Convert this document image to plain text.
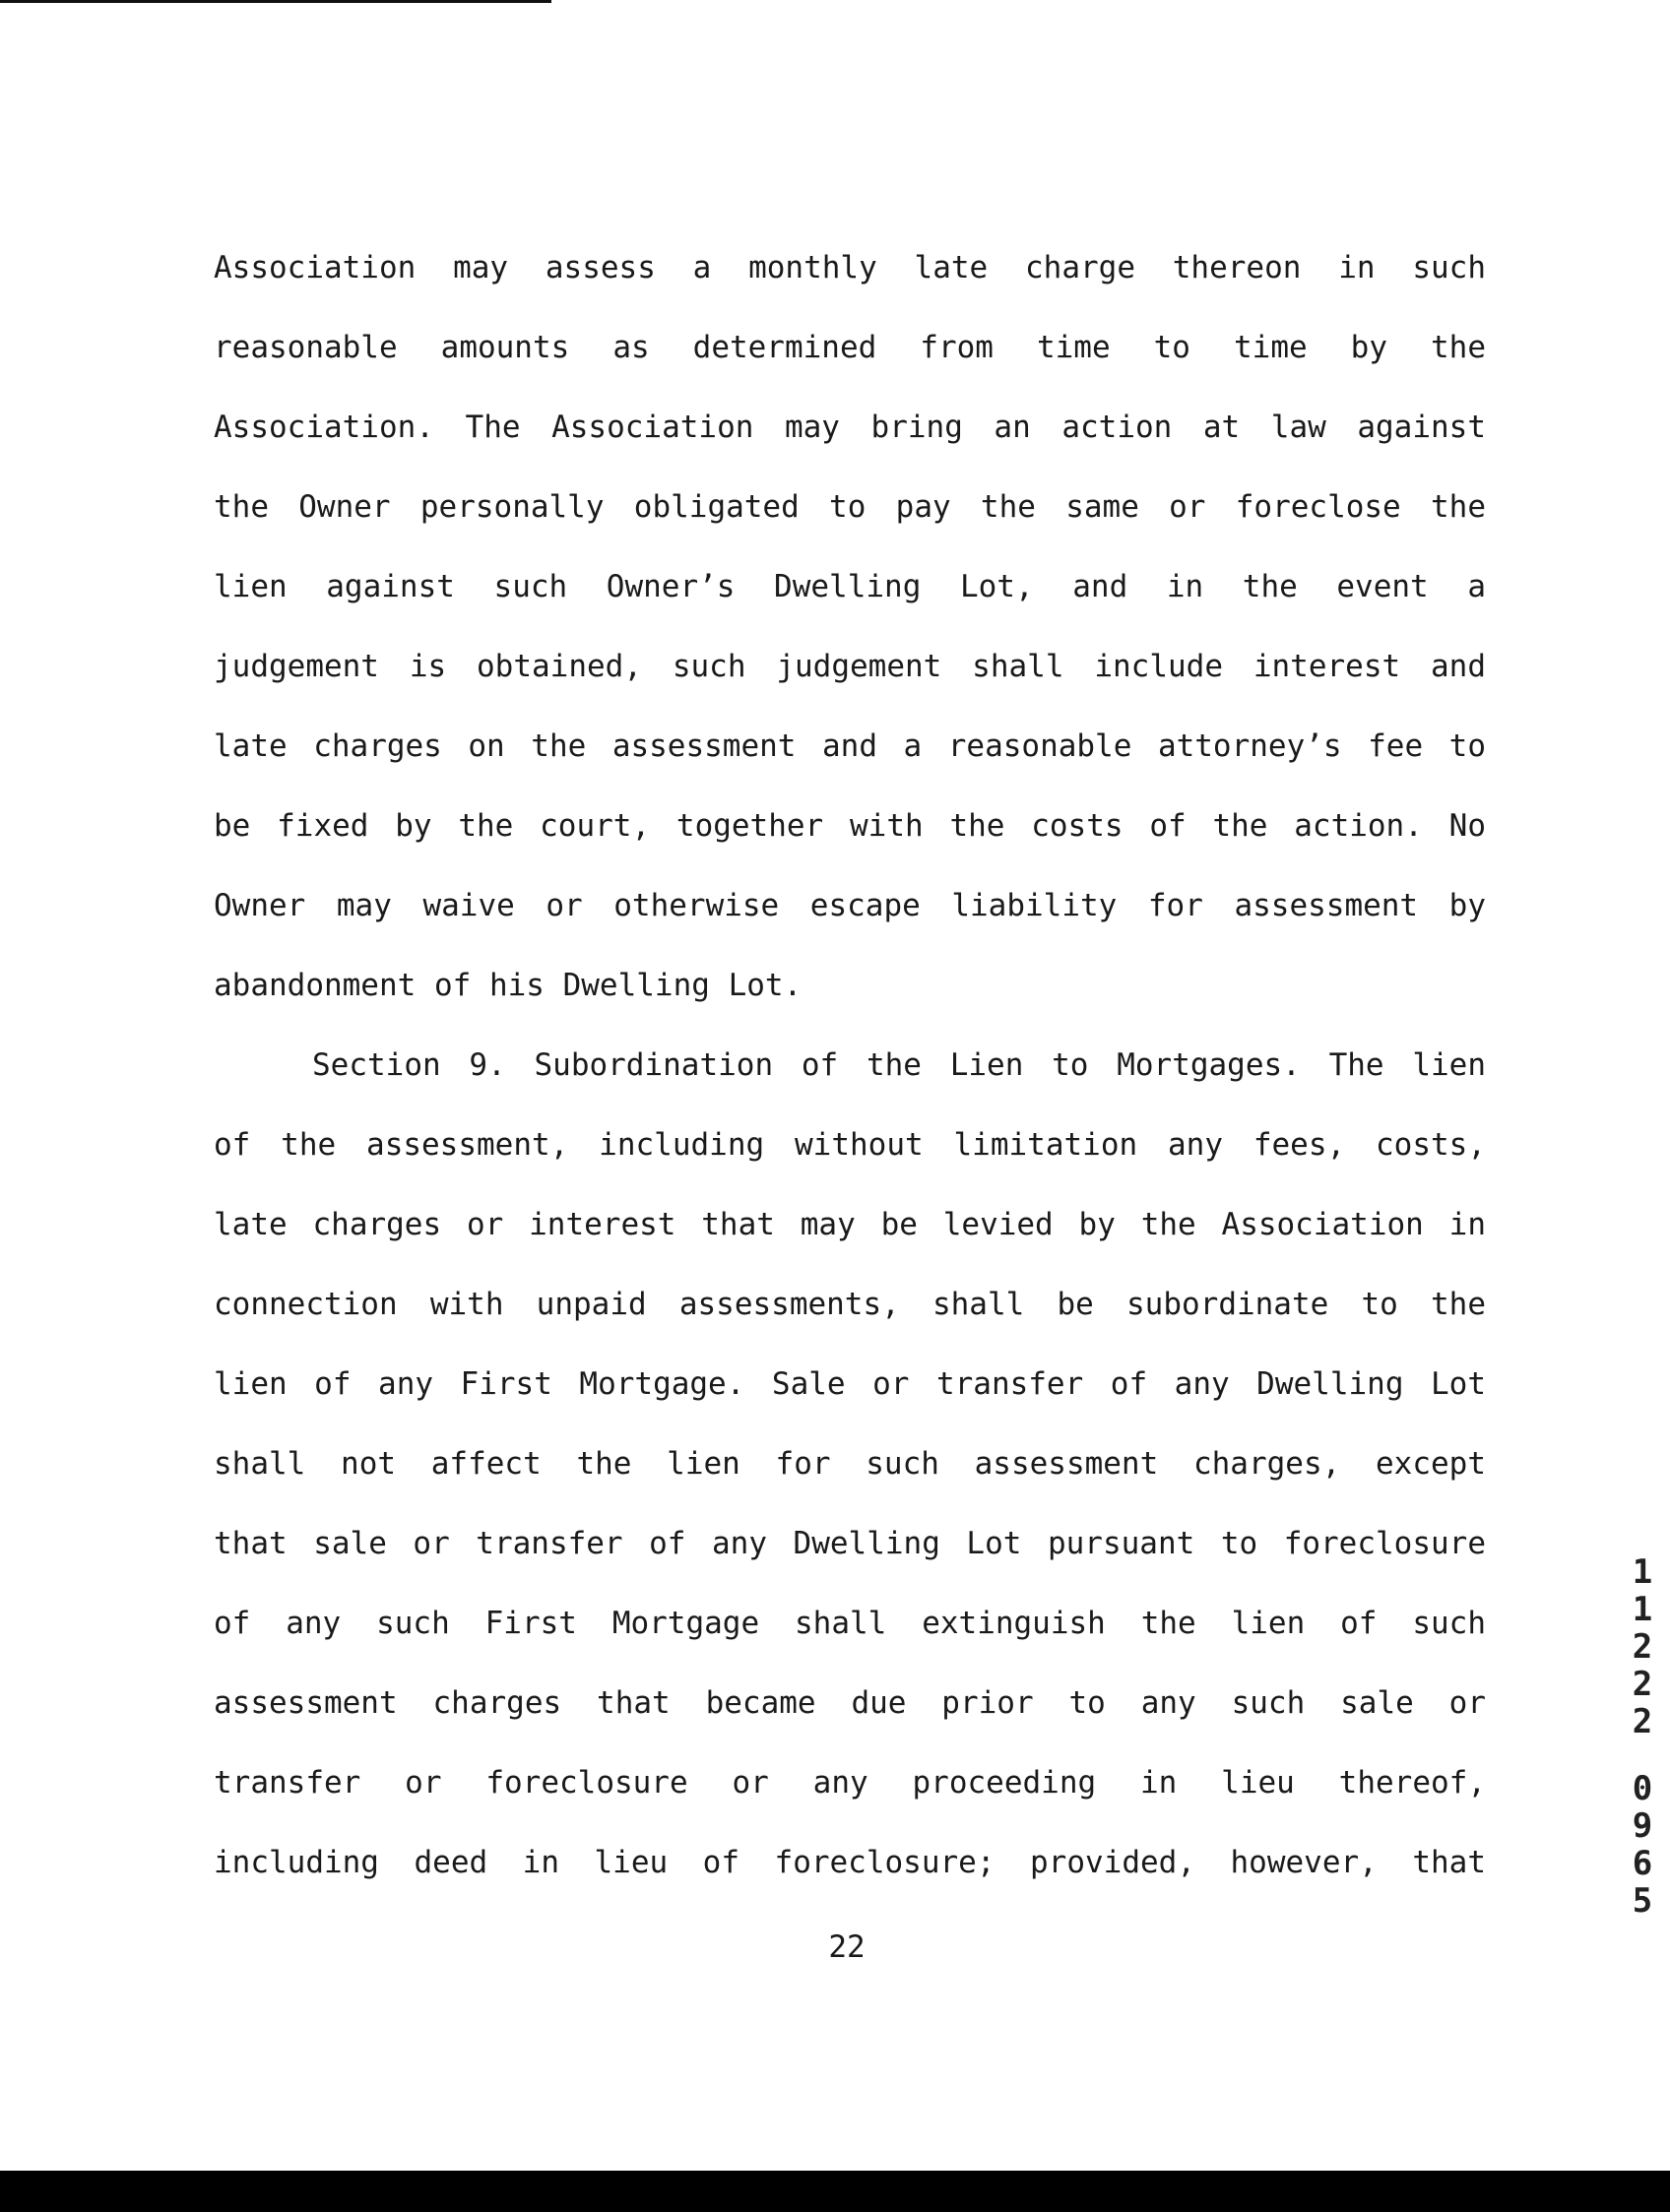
Association may assess a monthly late charge thereon in such
reasonable amounts as determined from time to time by the
Association. The Association may bring an action at law against
the Owner personally obligated to pay the same or foreclose the
lien against such Owner’s Dwelling Lot, and in the event a
judgement is obtained, such judgement shall include interest and
late charges on the assessment and a reasonable attorney’s fee to
be fixed by the court, together with the costs of the action. No
Owner may waive or otherwise escape liability for assessment by
abandonment of his Dwelling Lot.
Section 9. Subordination of the Lien to Mortgages. The lien
of the assessment, including without limitation any fees, costs,
late charges or interest that may be levied by the Association in
connection with unpaid assessments, shall be subordinate to the
lien of any First Mortgage. Sale or transfer of any Dwelling Lot
shall not affect the lien for such assessment charges, except
that sale or transfer of any Dwelling Lot pursuant to foreclosure
of any such First Mortgage shall extinguish the lien of such
assessment charges that became due prior to any such sale or
transfer or foreclosure or any proceeding in lieu thereof,
including deed in lieu of foreclosure; provided, however, that
22
1
1
2
2
2
0
9
6
5
